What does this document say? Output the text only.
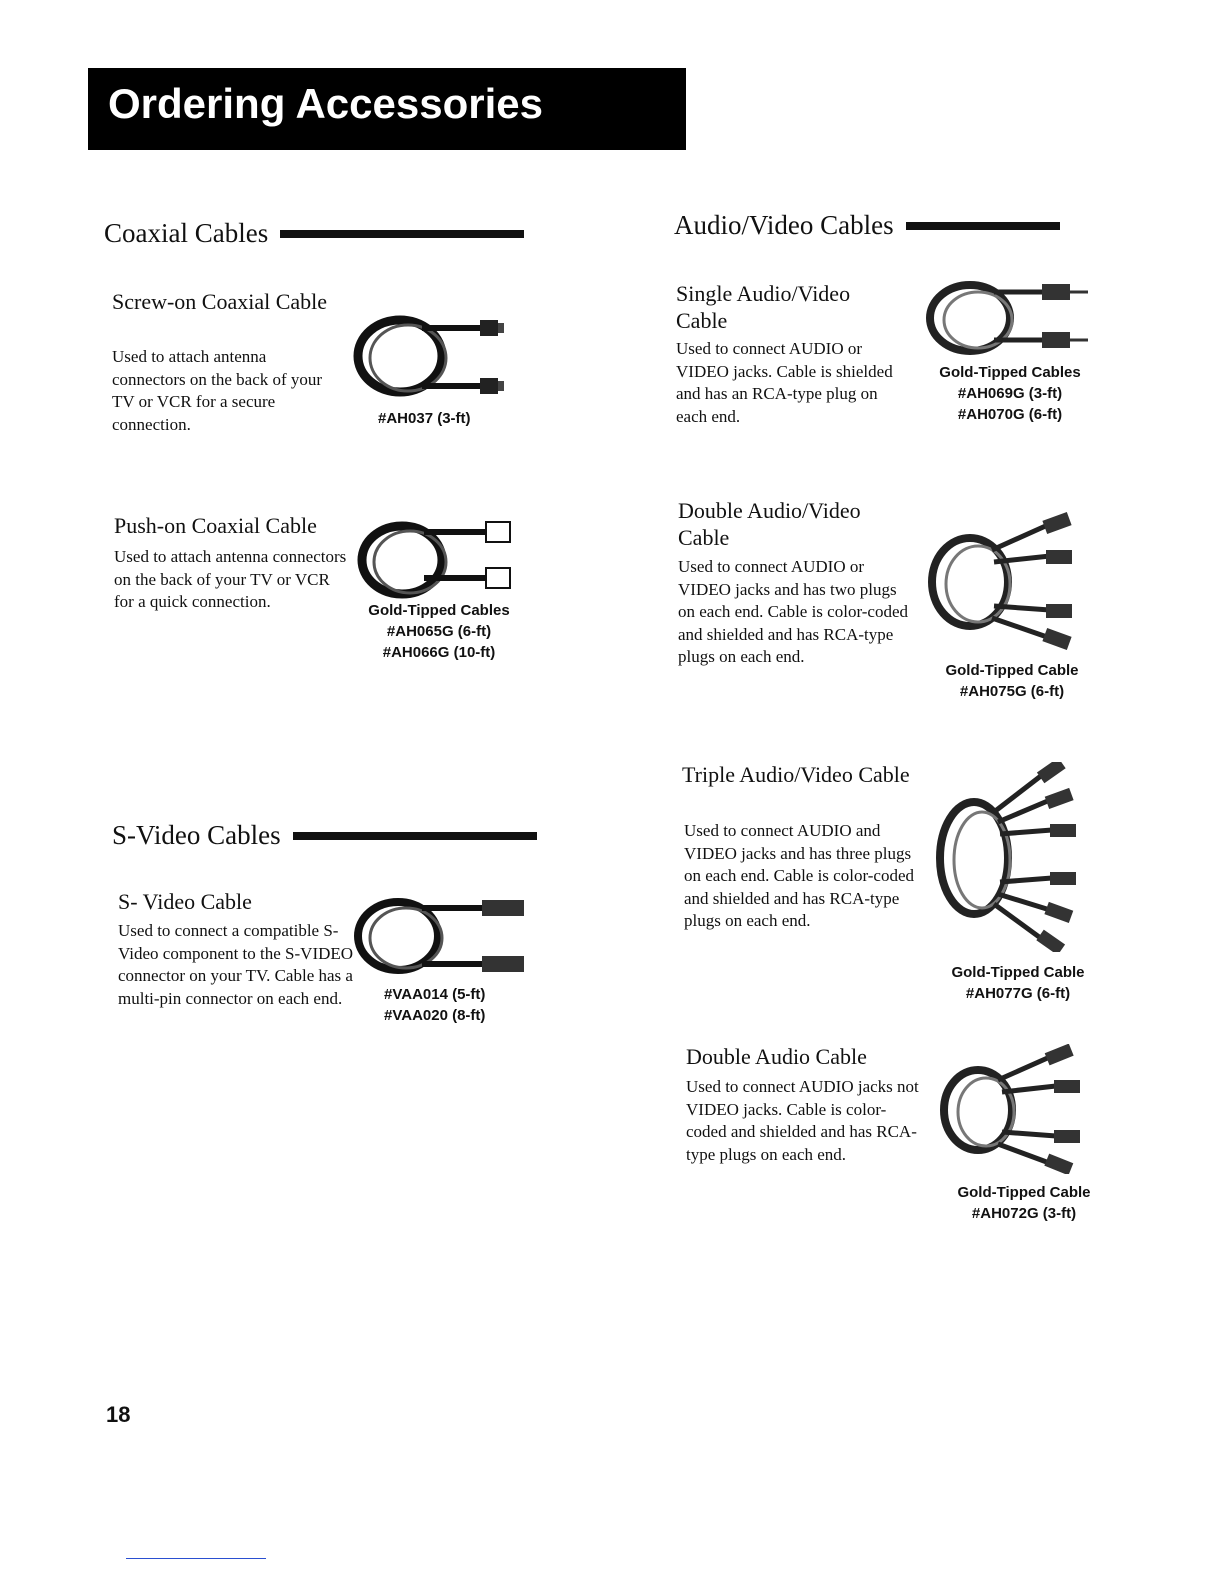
Ordering Accessories
Coaxial Cables
Screw-on Coaxial Cable
Used to attach antenna connectors on the back of your TV or VCR for a secure connection.	#AH037 (3-ft)
Push-on Coaxial Cable
Used to attach antenna connectors on the back of your TV or VCR for a quick connection.	Gold-Tipped Cables
#AH065G (6-ft)
#AH066G (10-ft)
S-Video Cables
S- Video Cable
Used to connect a compatible S-Video component to the S-VIDEO connector on your TV. Cable has a multi-pin connector on each end.	#VAA014 (5-ft)
#VAA020 (8-ft)
Audio/Video Cables
Single Audio/Video Cable
Used to connect AUDIO or VIDEO jacks. Cable is shielded and has an RCA-type plug on each end.
Gold-Tipped Cables
#AH069G (3-ft)
#AH070G (6-ft)
Double Audio/Video Cable
Used to connect AUDIO or VIDEO jacks and has two plugs on each end. Cable is color-coded and shielded and has RCA-type plugs on each end.
Gold-Tipped Cable
#AH075G (6-ft)
Triple Audio/Video Cable
Used to connect AUDIO and VIDEO jacks and has three plugs on each end. Cable is color-coded and shielded and has RCA-type plugs on each end.
Gold-Tipped Cable
#AH077G (6-ft)
Double Audio Cable
Used to connect AUDIO jacks not VIDEO jacks. Cable is color-coded and shielded and has RCA-type plugs on each end.
Gold-Tipped Cable
#AH072G (3-ft)
18
